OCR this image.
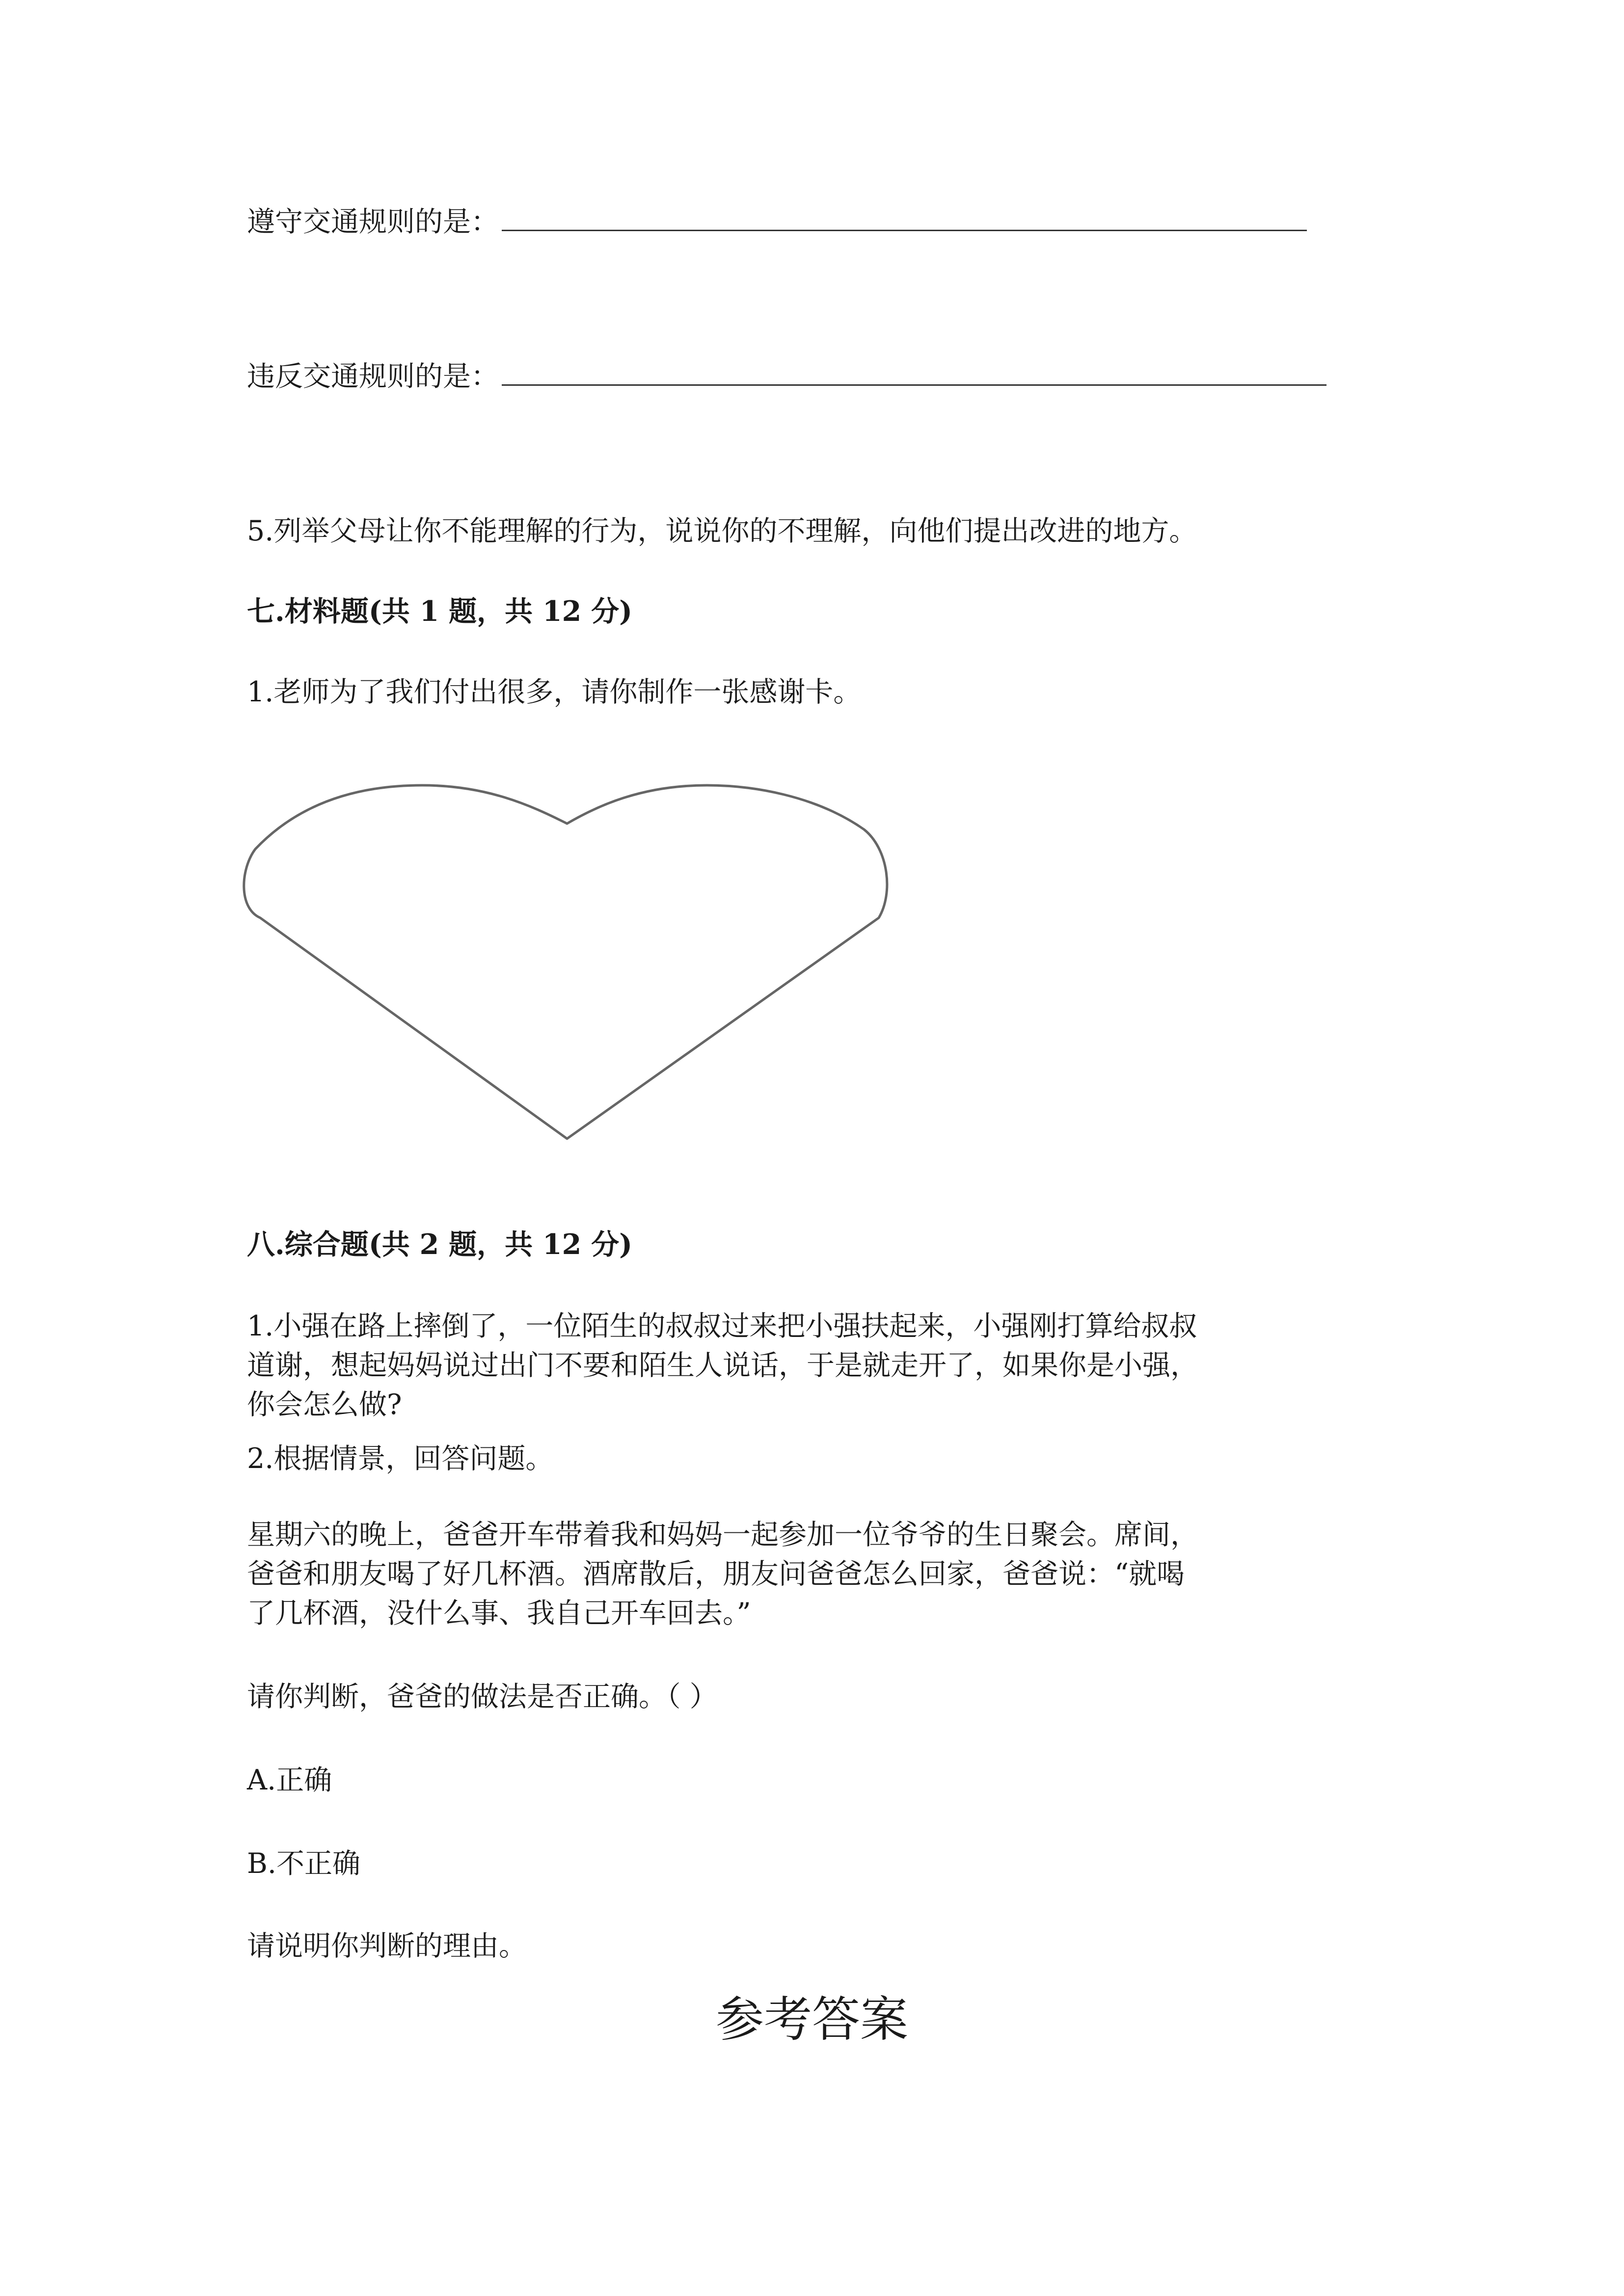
遵守交通规则的是：
违反交通规则的是：
5.列举父母让你不能理解的行为，说说你的不理解，向他们提出改进的地方。
七.材料题(共 1 题，共 12 分)
1.老师为了我们付出很多，请你制作一张感谢卡。
八.综合题(共 2 题，共 12 分)
1.小强在路上摔倒了，一位陌生的叔叔过来把小强扶起来，小强刚打算给叔叔
道谢，想起妈妈说过出门不要和陌生人说话，于是就走开了，如果你是小强，
你会怎么做?
2.根据情景，回答问题。
星期六的晚上，爸爸开车带着我和妈妈一起参加一位爷爷的生日聚会。席间，
爸爸和朋友喝了好几杯酒。酒席散后，朋友问爸爸怎么回家，爸爸说：“就喝
了几杯酒，没什么事、我自己开车回去。”
请你判断，爸爸的做法是否正确。（ ）
A.正确
B.不正确
请说明你判断的理由。
参考答案
